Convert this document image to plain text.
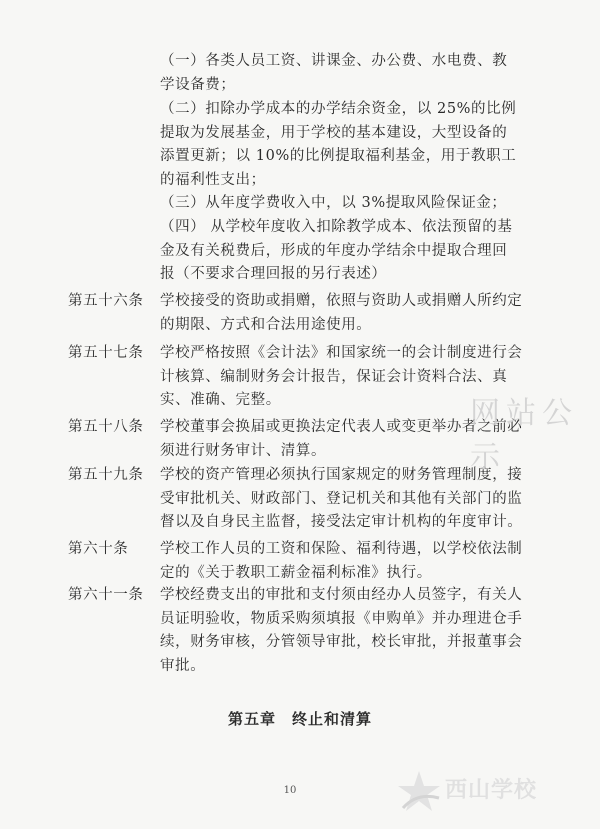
（一）各类人员工资、讲课金、办公费、水电费、教学设备费；
（二）扣除办学成本的办学结余资金，以 25%的比例提取为发展基金，用于学校的基本建设，大型设备的添置更新；以 10%的比例提取福利基金，用于教职工的福利性支出；
（三）从年度学费收入中，以 3%提取风险保证金；
（四） 从学校年度收入扣除教学成本、依法预留的基金及有关税费后，形成的年度办学结余中提取合理回报（不要求合理回报的另行表述）
第五十六条	学校接受的资助或捐赠，依照与资助人或捐赠人所约定的期限、方式和合法用途使用。
第五十七条	学校严格按照《会计法》和国家统一的会计制度进行会计核算、编制财务会计报告，保证会计资料合法、真实、准确、完整。
第五十八条	学校董事会换届或更换法定代表人或变更举办者之前必须进行财务审计、清算。
第五十九条	学校的资产管理必须执行国家规定的财务管理制度，接受审批机关、财政部门、登记机关和其他有关部门的监督以及自身民主监督，接受法定审计机构的年度审计。
第六十条	学校工作人员的工资和保险、福利待遇，以学校依法制定的《关于教职工薪金福利标准》执行。
第六十一条	学校经费支出的审批和支付须由经办人员签字，有关人员证明验收，物质采购须填报《申购单》并办理进仓手续，财务审核，分管领导审批，校长审批，并报董事会审批。
第五章　终止和清算
10
网站公示
西山学校
